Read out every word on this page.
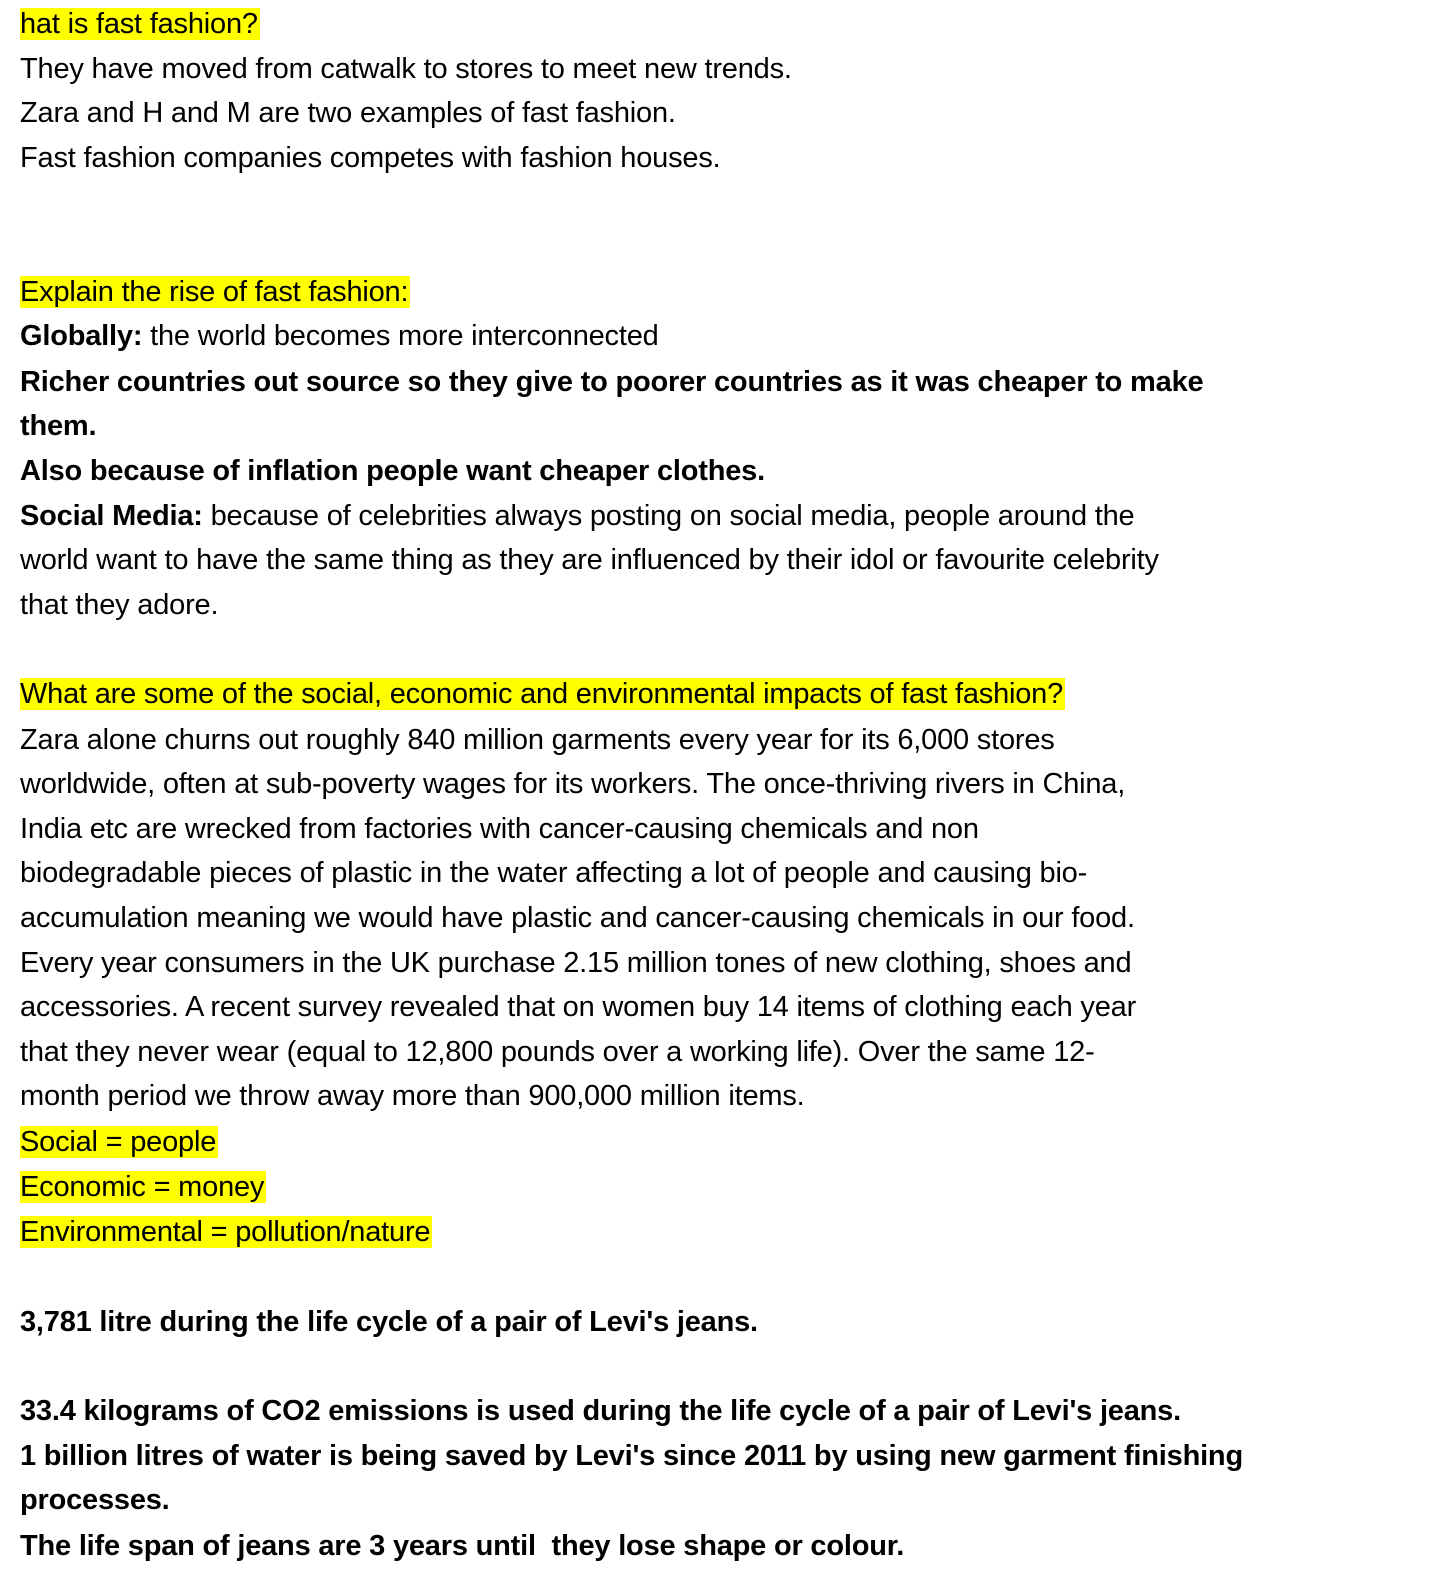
hat is fast fashion?
They have moved from catwalk to stores to meet new trends.
Zara and H and M are two examples of fast fashion.
Fast fashion companies competes with fashion houses.
Explain the rise of fast fashion:
Globally: the world becomes more interconnected
Richer countries out source so they give to poorer countries as it was cheaper to make
them.
Also because of inflation people want cheaper clothes.
Social Media: because of celebrities always posting on social media, people around the
world want to have the same thing as they are influenced by their idol or favourite celebrity
that they adore.
What are some of the social, economic and environmental impacts of fast fashion?
Zara alone churns out roughly 840 million garments every year for its 6,000 stores
worldwide, often at sub-poverty wages for its workers. The once-thriving rivers in China,
India etc are wrecked from factories with cancer-causing chemicals and non
biodegradable pieces of plastic in the water affecting a lot of people and causing bio-
accumulation meaning we would have plastic and cancer-causing chemicals in our food.
Every year consumers in the UK purchase 2.15 million tones of new clothing, shoes and
accessories. A recent survey revealed that on women buy 14 items of clothing each year
that they never wear (equal to 12,800 pounds over a working life). Over the same 12-
month period we throw away more than 900,000 million items.
Social = people
Economic = money
Environmental = pollution/nature
3,781 litre during the life cycle of a pair of Levi's jeans.
33.4 kilograms of CO2 emissions is used during the life cycle of a pair of Levi's jeans.
1 billion litres of water is being saved by Levi's since 2011 by using new garment finishing
processes.
The life span of jeans are 3 years until  they lose shape or colour.
